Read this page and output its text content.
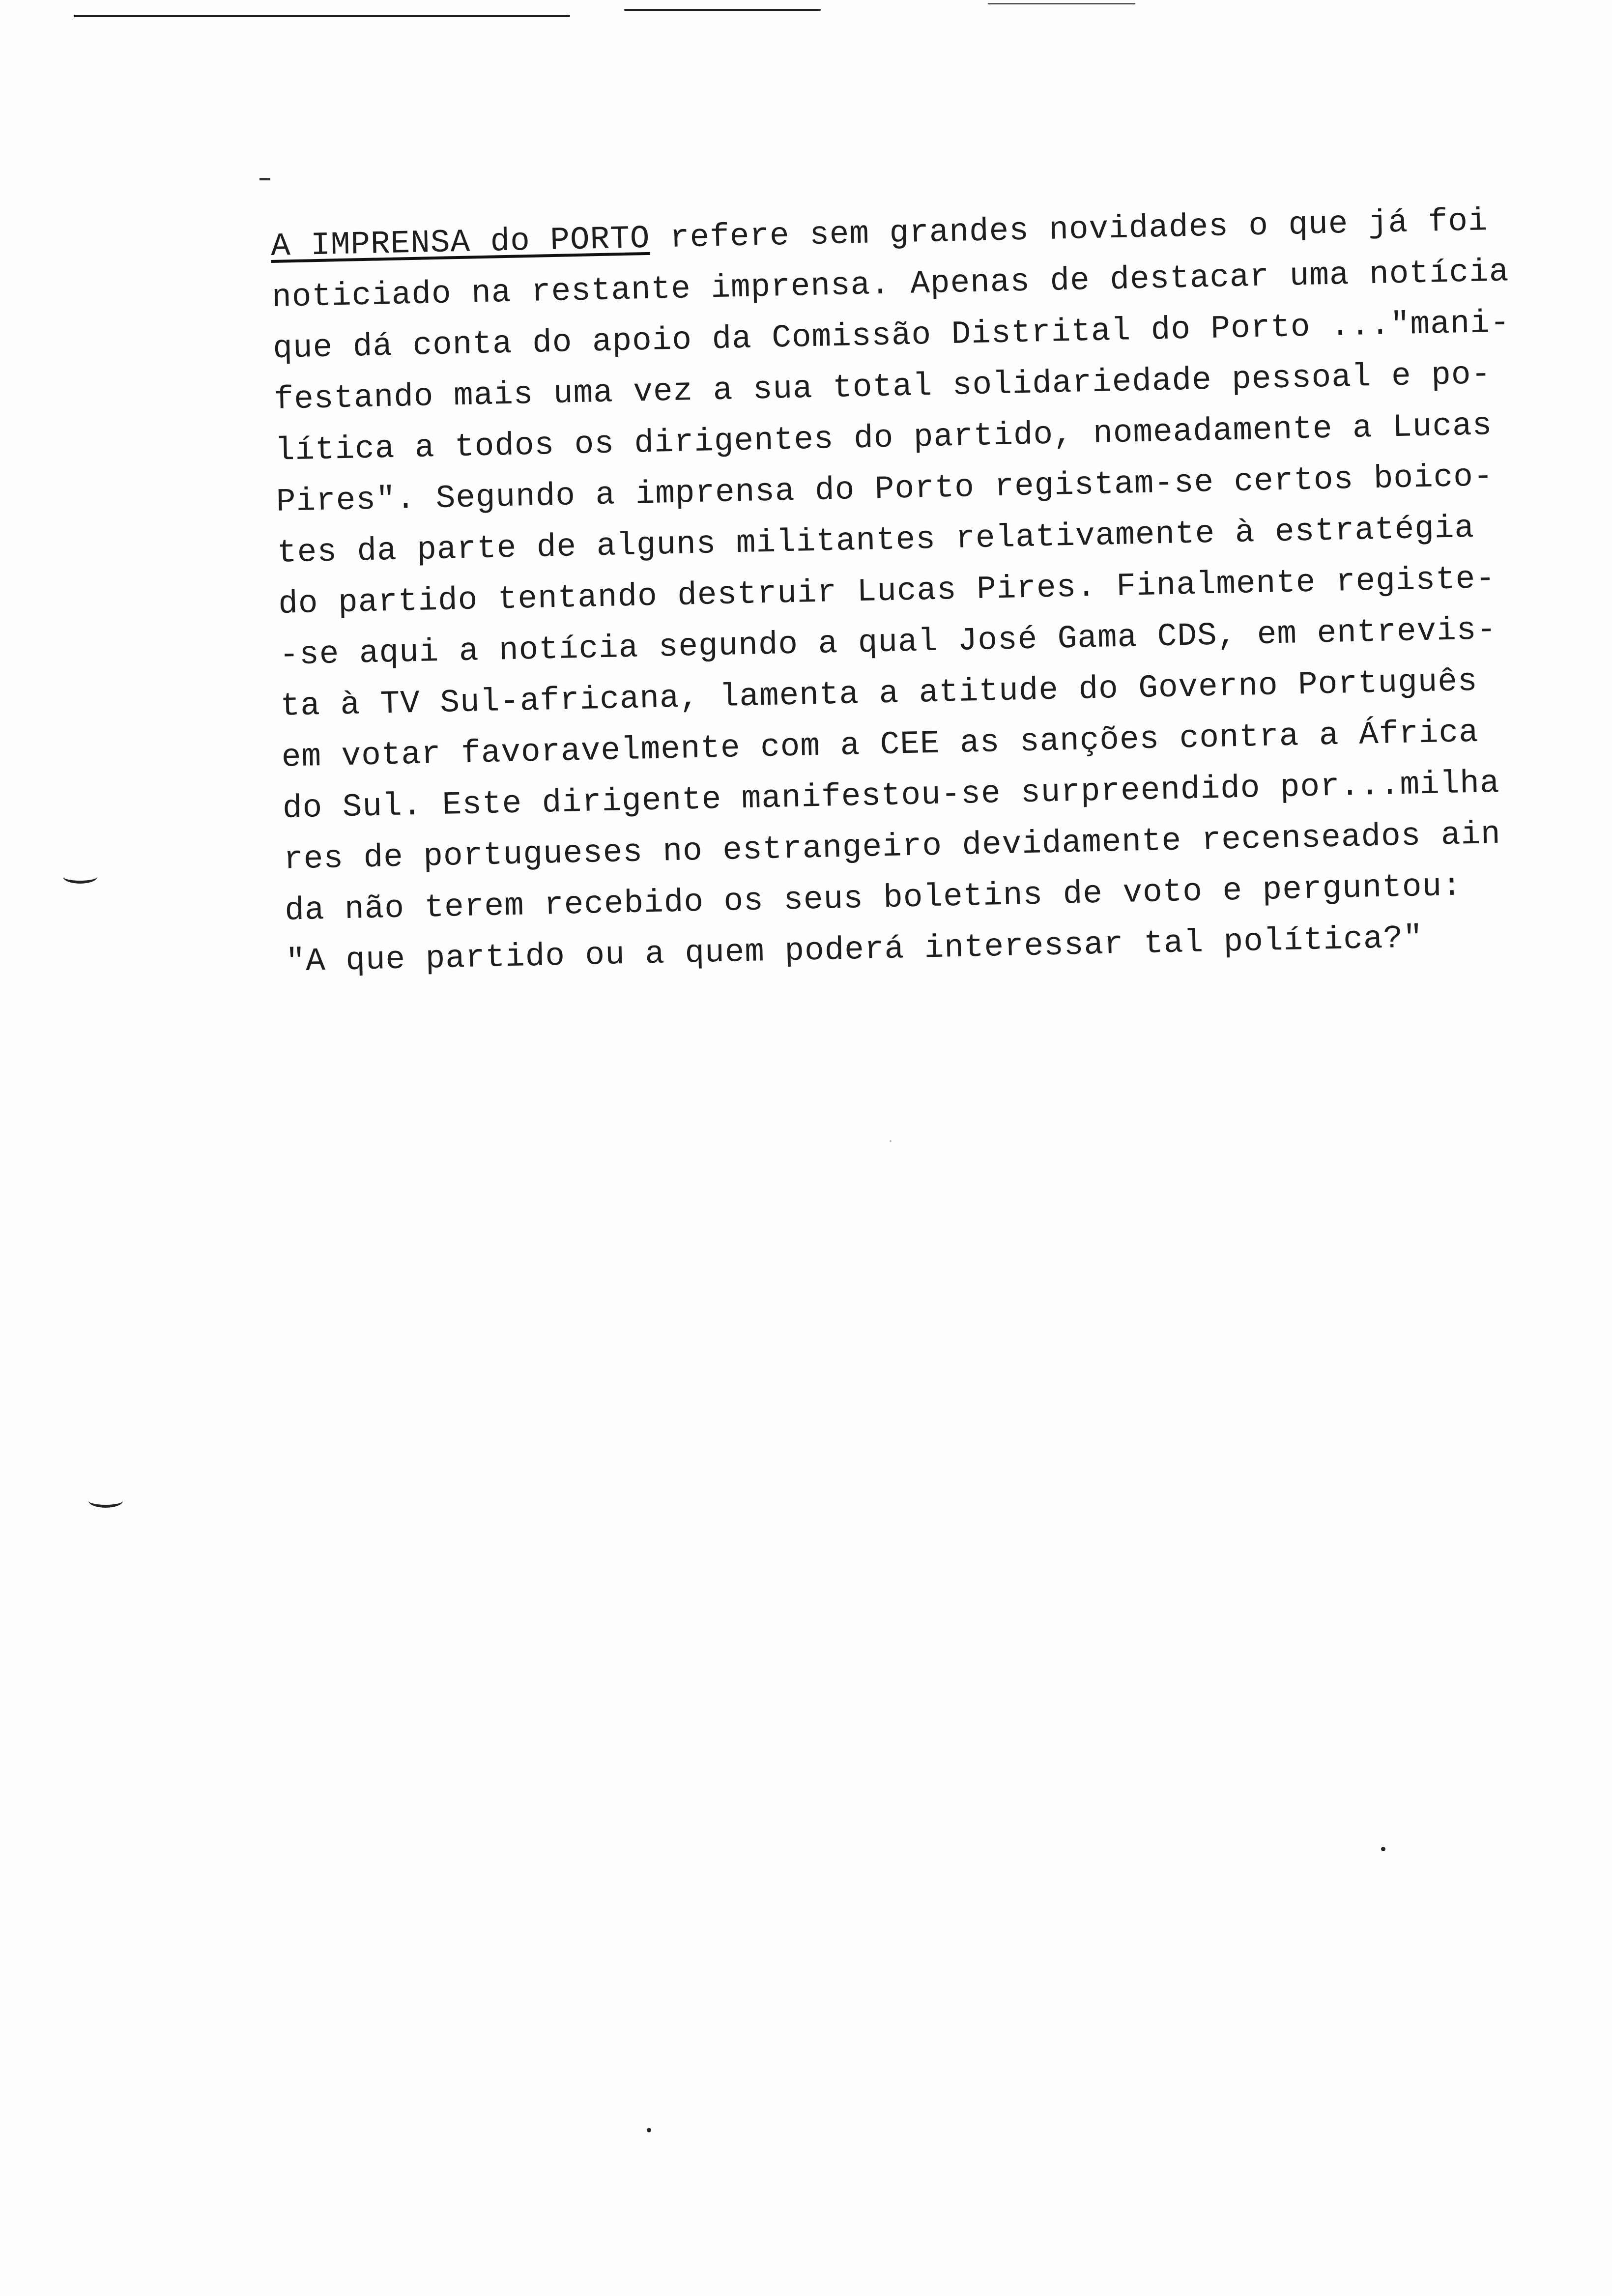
A IMPRENSA do PORTO refere sem grandes novidades o que já foi
noticiado na restante imprensa. Apenas de destacar uma notícia
que dá conta do apoio da Comissão Distrital do Porto ..."mani-
festando mais uma vez a sua total solidariedade pessoal e po-
lítica a todos os dirigentes do partido, nomeadamente a Lucas
Pires". Segundo a imprensa do Porto registam-se certos boico-
tes da parte de alguns militantes relativamente à estratégia
do partido tentando destruir Lucas Pires. Finalmente registe-
-se aqui a notícia segundo a qual José Gama CDS, em entrevis-
ta à TV Sul-africana, lamenta a atitude do Governo Português
em votar favoravelmente com a CEE as sanções contra a África
do Sul. Este dirigente manifestou-se surpreendido por...milha
res de portugueses no estrangeiro devidamente recenseados ain
da não terem recebido os seus boletins de voto e perguntou:
"A que partido ou a quem poderá interessar tal política?"
